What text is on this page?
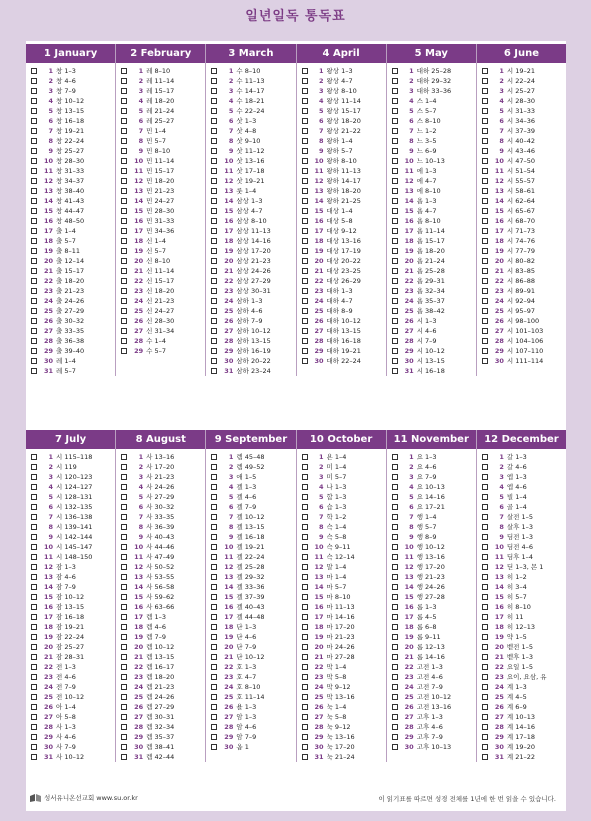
일년일독 통독표
1 January
1 창 1–3
2 창 4–6
3 창 7–9
4 창 10–12
5 창 13–15
6 창 16–18
7 창 19–21
8 창 22–24
9 창 25–27
10 창 28–30
11 창 31–33
12 창 34–37
13 창 38–40
14 창 41–43
15 창 44–47
16 창 48–50
17 출 1–4
18 출 5–7
19 출 8–11
20 출 12–14
21 출 15–17
22 출 18–20
23 출 21–23
24 출 24–26
25 출 27–29
26 출 30–32
27 출 33–35
28 출 36–38
29 출 39–40
30 레 1–4
31 레 5–7
2 February
1 레 8–10
2 레 11–14
3 레 15–17
4 레 18–20
5 레 21–24
6 레 25–27
7 민 1–4
8 민 5–7
9 민 8–10
10 민 11–14
11 민 15–17
12 민 18–20
13 민 21–23
14 민 24–27
15 민 28–30
16 민 31–33
17 민 34–36
18 신 1–4
19 신 5–7
20 신 8–10
21 신 11–14
22 신 15–17
23 신 18–20
24 신 21–23
25 신 24–27
26 신 28–30
27 신 31–34
28 수 1–4
29 수 5–7
3 March
1 수 8–10
2 수 11–13
3 수 14–17
4 수 18–21
5 수 22–24
6 삿 1–3
7 삿 4–8
8 삿 9–10
9 삿 11–12
10 삿 13–16
11 삿 17–18
12 삿 19–21
13 룻 1–4
14 삼상 1–3
15 삼상 4–7
16 삼상 8–10
17 삼상 11–13
18 삼상 14–16
19 삼상 17–20
20 삼상 21–23
21 삼상 24–26
22 삼상 27–29
23 삼상 30–31
24 삼하 1–3
25 삼하 4–6
26 삼하 7–9
27 삼하 10–12
28 삼하 13–15
29 삼하 16–19
30 삼하 20–22
31 삼하 23–24
4 April
1 왕상 1–3
2 왕상 4–7
3 왕상 8–10
4 왕상 11–14
5 왕상 15–17
6 왕상 18–20
7 왕상 21–22
8 왕하 1–4
9 왕하 5–7
10 왕하 8–10
11 왕하 11–13
12 왕하 14–17
13 왕하 18–20
14 왕하 21–25
15 대상 1–4
16 대상 5–8
17 대상 9–12
18 대상 13–16
19 대상 17–19
20 대상 20–22
21 대상 23–25
22 대상 26–29
23 대하 1–3
24 대하 4–7
25 대하 8–9
26 대하 10–12
27 대하 13–15
28 대하 16–18
29 대하 19–21
30 대하 22–24
5 May
1 대하 25–28
2 대하 29–32
3 대하 33–36
4 스 1–4
5 스 5–7
6 스 8–10
7 느 1–2
8 느 3–5
9 느 6–9
10 느 10–13
11 에 1–3
12 에 4–7
13 에 8–10
14 욥 1–3
15 욥 4–7
16 욥 8–10
17 욥 11–14
18 욥 15–17
19 욥 18–20
20 욥 21–24
21 욥 25–28
22 욥 29–31
23 욥 32–34
24 욥 35–37
25 욥 38–42
26 시 1–3
27 시 4–6
28 시 7–9
29 시 10–12
30 시 13–15
31 시 16–18
6 June
1 시 19–21
2 시 22–24
3 시 25–27
4 시 28–30
5 시 31–33
6 시 34–36
7 시 37–39
8 시 40–42
9 시 43–46
10 시 47–50
11 시 51–54
12 시 55–57
13 시 58–61
14 시 62–64
15 시 65–67
16 시 68–70
17 시 71–73
18 시 74–76
19 시 77–79
20 시 80–82
21 시 83–85
22 시 86–88
23 시 89–91
24 시 92–94
25 시 95–97
26 시 98–100
27 시 101–103
28 시 104–106
29 시 107–110
30 시 111–114
7 July
1 시 115–118
2 시 119
3 시 120–123
4 시 124–127
5 시 128–131
6 시 132–135
7 시 136–138
8 시 139–141
9 시 142–144
10 시 145–147
11 시 148–150
12 잠 1–3
13 잠 4–6
14 잠 7–9
15 잠 10–12
16 잠 13–15
17 잠 16–18
18 잠 19–21
19 잠 22–24
20 잠 25–27
21 잠 28–31
22 전 1–3
23 전 4–6
24 전 7–9
25 전 10–12
26 아 1–4
27 아 5–8
28 사 1–3
29 사 4–6
30 사 7–9
31 사 10–12
8 August
1 사 13–16
2 사 17–20
3 사 21–23
4 사 24–26
5 사 27–29
6 사 30–32
7 사 33–35
8 사 36–39
9 사 40–43
10 사 44–46
11 사 47–49
12 사 50–52
13 사 53–55
14 사 56–58
15 사 59–62
16 사 63–66
17 렘 1–3
18 렘 4–6
19 렘 7–9
20 렘 10–12
21 렘 13–15
22 렘 16–17
23 렘 18–20
24 렘 21–23
25 렘 24–26
26 렘 27–29
27 렘 30–31
28 렘 32–34
29 렘 35–37
30 렘 38–41
31 렘 42–44
9 September
1 렘 45–48
2 렘 49–52
3 애 1–5
4 겔 1–3
5 겔 4–6
6 겔 7–9
7 겔 10–12
8 겔 13–15
9 겔 16–18
10 겔 19–21
11 겔 22–24
12 겔 25–28
13 겔 29–32
14 겔 33–36
15 겔 37–39
16 겔 40–43
17 겔 44–48
18 단 1–3
19 단 4–6
20 단 7–9
21 단 10–12
22 호 1–3
23 호 4–7
24 호 8–10
25 호 11–14
26 욜 1–3
27 암 1–3
28 암 4–6
29 암 7–9
30 옵 1
10 October
1 욘 1–4
2 미 1–4
3 미 5–7
4 나 1–3
5 합 1–3
6 습 1–3
7 학 1–2
8 슥 1–4
9 슥 5–8
10 슥 9–11
11 슥 12–14
12 말 1–4
13 마 1–4
14 마 5–7
15 마 8–10
16 마 11–13
17 마 14–16
18 마 17–20
19 마 21–23
20 마 24–26
21 마 27–28
22 막 1–4
23 막 5–8
24 막 9–12
25 막 13–16
26 눅 1–4
27 눅 5–8
28 눅 9–12
29 눅 13–16
30 눅 17–20
31 눅 21–24
11 November
1 요 1–3
2 요 4–6
3 요 7–9
4 요 10–13
5 요 14–16
6 요 17–21
7 행 1–4
8 행 5–7
9 행 8–9
10 행 10–12
11 행 13–16
12 행 17–20
13 행 21–23
14 행 24–26
15 행 27–28
16 롬 1–3
17 롬 4–5
18 롬 6–8
19 롬 9–11
20 롬 12–13
21 롬 14–16
22 고전 1–3
23 고전 4–6
24 고전 7–9
25 고전 10–12
26 고전 13–16
27 고후 1–3
28 고후 4–6
29 고후 7–9
30 고후 10–13
12 December
1 갈 1–3
2 갈 4–6
3 엡 1–3
4 엡 4–6
5 빌 1–4
6 골 1–4
7 살전 1–5
8 살후 1–3
9 딤전 1–3
10 딤전 4–6
11 딤후 1–4
12 딛 1–3, 몬 1
13 히 1–2
14 히 3–4
15 히 5–7
16 히 8–10
17 히 11
18 히 12–13
19 약 1–5
20 벧전 1–5
21 벧후 1–3
22 요일 1–5
23 요이, 요삼, 유
24 계 1–3
25 계 4–5
26 계 6–9
27 계 10–13
28 계 14–16
29 계 17–18
30 계 19–20
31 계 21–22
성서유니온선교회 www.su.or.kr	이 읽기표를 따르면 성경 전체를 1년에 한 번 읽을 수 있습니다.
